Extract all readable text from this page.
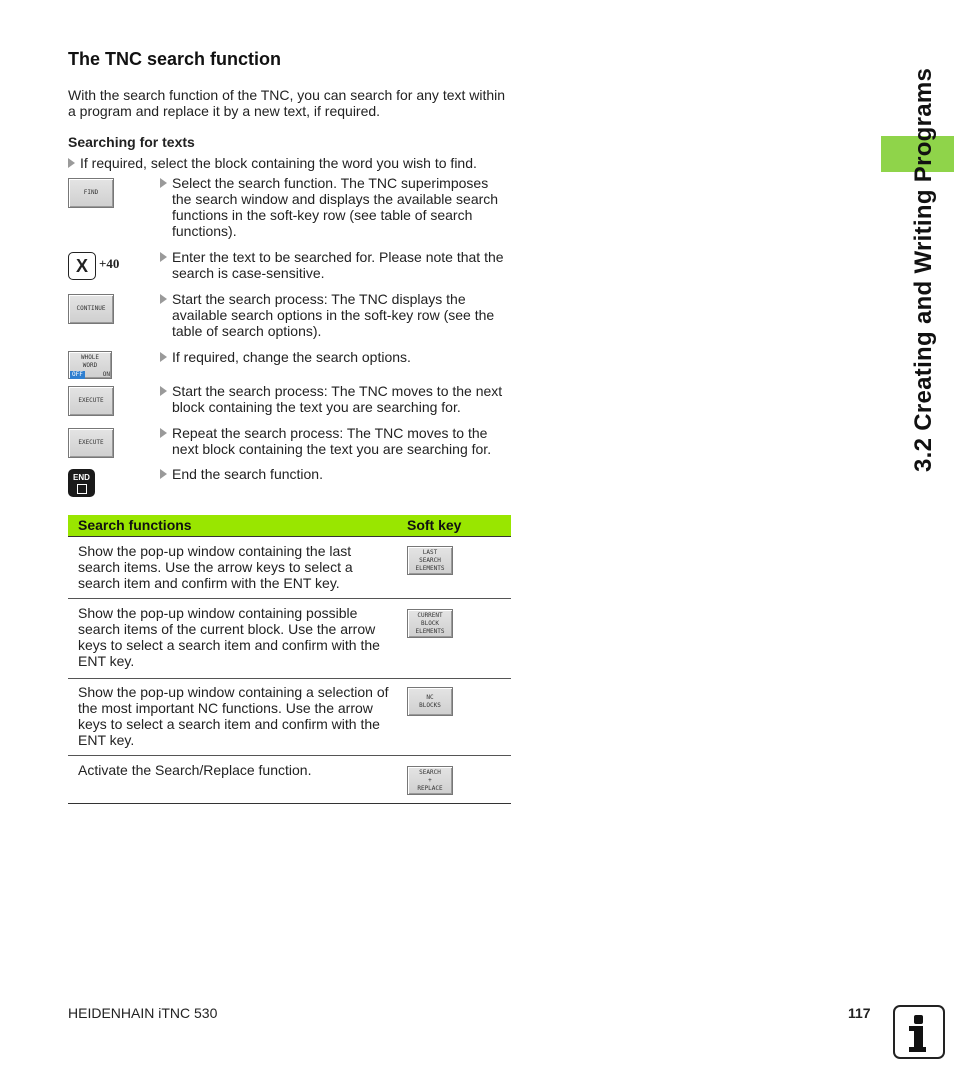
3.2 Creating and Writing Programs
The TNC search function
With the search function of the TNC, you can search for any text within a program and replace it by a new text, if required.
Searching for texts
If required, select the block containing the word you wish to find.
FIND
Select the search function. The TNC superimposes
the search window and displays the available search functions in the soft-key row (see table of search functions).
X +40	Enter the text to be searched for. Please note that the
search is case-sensitive.
CONTINUE
Start the search process: The TNC displays the
available search options in the soft-key row (see the table of search options).
WHOLE
WORD
OFF	ON
If required, change the search options.
EXECUTE
Start the search process: The TNC moves to the next
block containing the text you are searching for.
EXECUTE
Repeat the search process: The TNC moves to the
next block containing the text you are searching for.
END	End the search function.
Search functions	Soft key
Show the pop-up window containing the last search items. Use the arrow keys to select a search item and confirm with the ENT key.
LAST
SEARCH
ELEMENTS
Show the pop-up window containing possible search items of the current block. Use the arrow keys to select a search item and confirm with the ENT key.
CURRENT
BLOCK
ELEMENTS
Show the pop-up window containing a selection of the most important NC functions. Use the arrow keys to select a search item and confirm with the ENT key.
NC
BLOCKS
Activate the Search/Replace function.	SEARCH
+
REPLACE
HEIDENHAIN iTNC 530	117
